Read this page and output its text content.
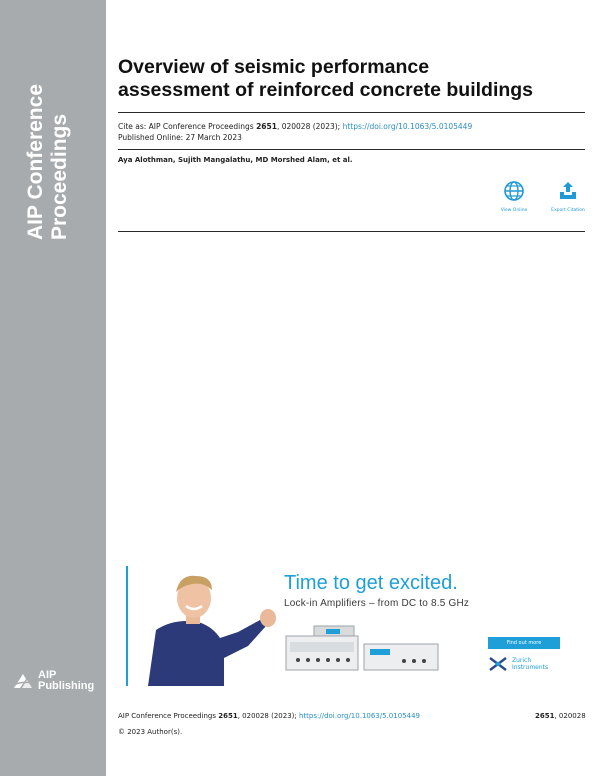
AIP Conference Proceedings
AIP
Publishing
Overview of seismic performance
assessment of reinforced concrete buildings
Cite as: AIP Conference Proceedings 2651, 020028 (2023); https://doi.org/10.1063/5.0105449
Published Online: 27 March 2023
Aya Alothman, Sujith Mangalathu, MD Morshed Alam, et al.
View Online	Export Citation
Time to get excited.
Lock-in Amplifiers – from DC to 8.5 GHz
Find out more
Zurich
Instruments
AIP Conference Proceedings 2651, 020028 (2023); https://doi.org/10.1063/5.0105449	2651, 020028
© 2023 Author(s).
